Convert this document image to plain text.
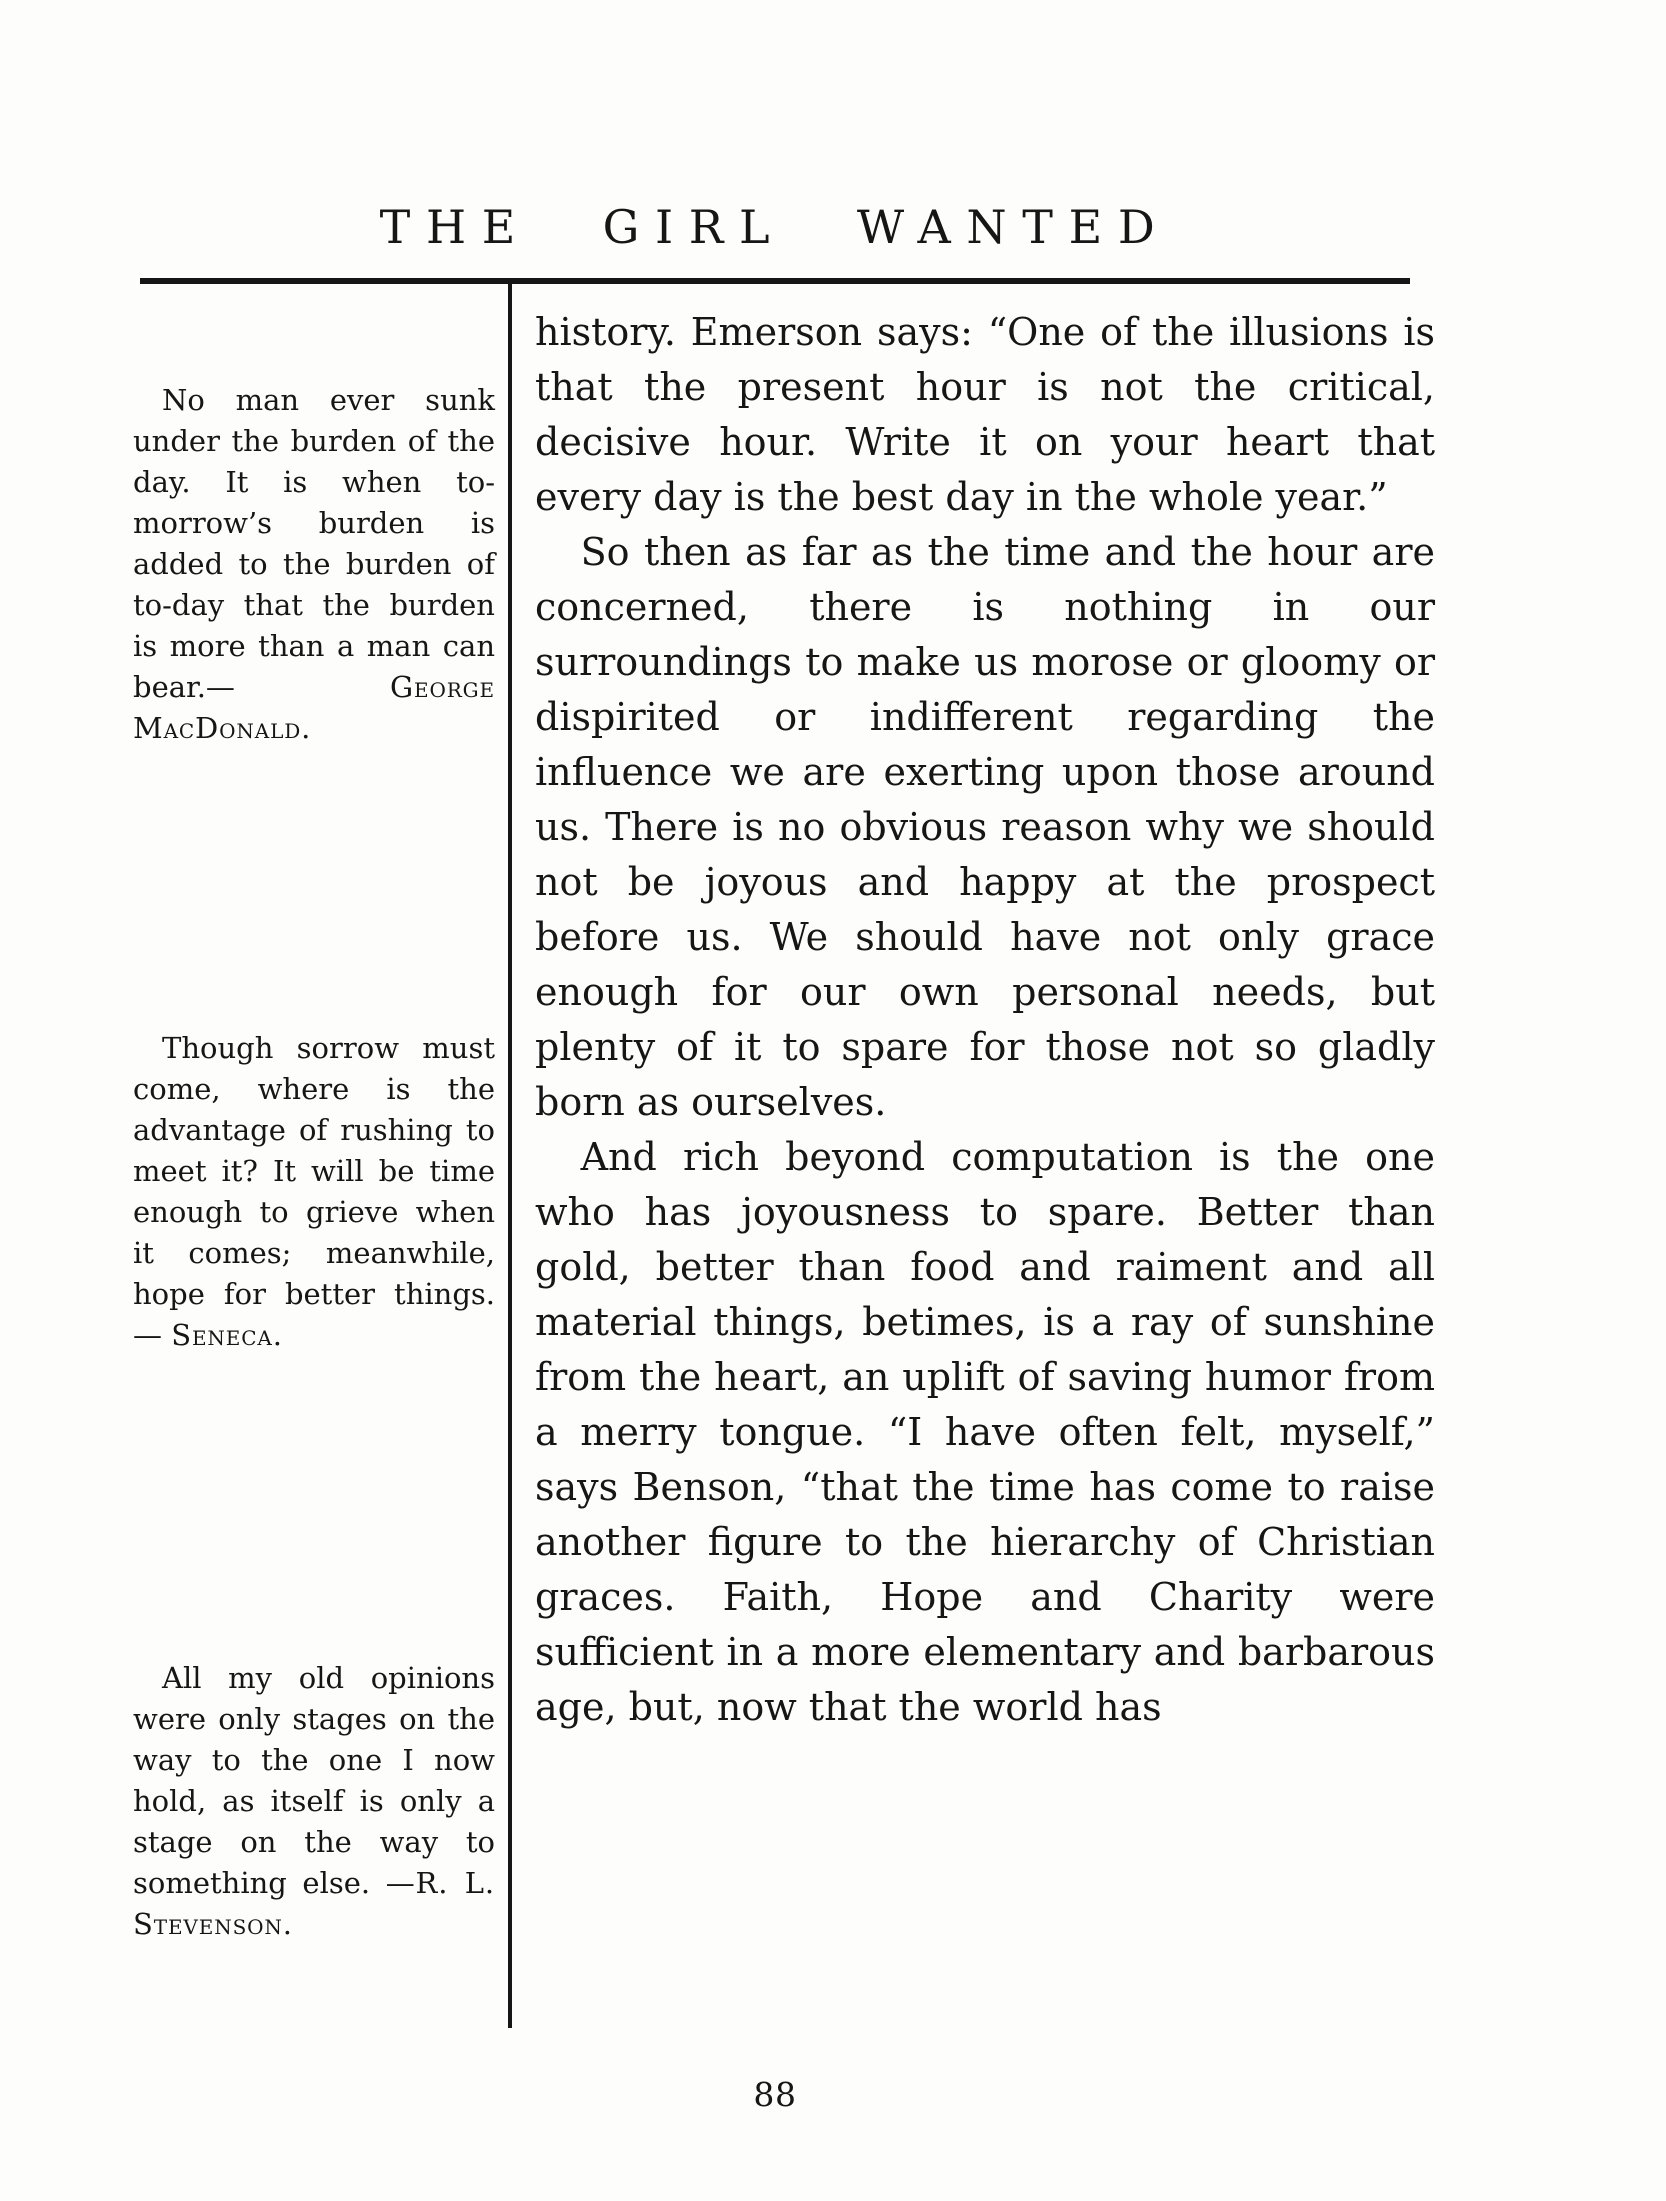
THE GIRL WANTED
No man ever sunk under the burden of the day. It is when to-morrow’s burden is added to the burden of to-day that the burden is more than a man can bear.—	George MacDonald.
Though sorrow must come, where is the advantage of rushing to meet it? It will be time enough to grieve when it comes; meanwhile, hope for better things. — Seneca.
All my old opinions were only stages on the way to the one I now hold, as itself is only a stage on the way to something else. —R. L. Stevenson.

history. Emerson says: “One of the illusions is that the present hour is not the critical, decisive hour. Write it on your heart that every day is the best day in the whole year.”

So then as far as the time and the hour are concerned, there is nothing in our surroundings to make us morose or gloomy or dispirited or indifferent regarding the influence we are exerting upon those around us. There is no obvious reason why we should not be joyous and happy at the prospect before us. We should have not only grace enough for our own personal needs, but plenty of it to spare for those not so gladly born as ourselves.

And rich beyond computation is the one who has joyousness to spare. Better than gold, better than food and raiment and all material things, betimes, is a ray of sunshine from the heart, an uplift of saving humor from a merry tongue. “I have often felt, myself,” says Benson, “that the time has come to raise another figure to the hierarchy of Christian graces. Faith, Hope and Charity were sufficient in a more elementary and barbarous age, but, now that the world has

88
